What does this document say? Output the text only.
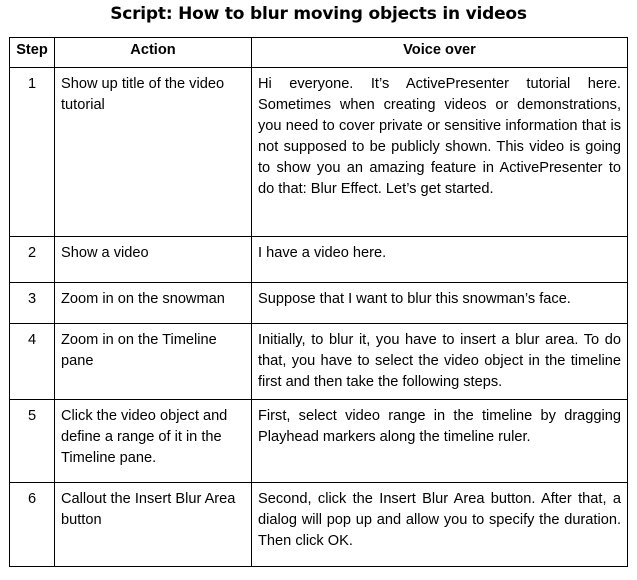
Script: How to blur moving objects in videos
Step	Action	Voice over
1	Show up title of the video tutorial	Hi everyone. It’s ActivePresenter tutorial here. Sometimes when creating videos or demonstrations, you need to cover private or sensitive information that is not supposed to be publicly shown. This video is going to show you an amazing feature in ActivePresenter to do that: Blur Effect. Let’s get started.
2	Show a video	I have a video here.
3	Zoom in on the snowman	Suppose that I want to blur this snowman’s face.
4	Zoom in on the Timeline pane	Initially, to blur it, you have to insert a blur area. To do that, you have to select the video object in the timeline first and then take the following steps.
5	Click the video object and define a range of it in the Timeline pane.	First, select video range in the timeline by dragging Playhead markers along the timeline ruler.
6	Callout the Insert Blur Area button	Second, click the Insert Blur Area button. After that, a dialog will pop up and allow you to specify the duration. Then click OK.
